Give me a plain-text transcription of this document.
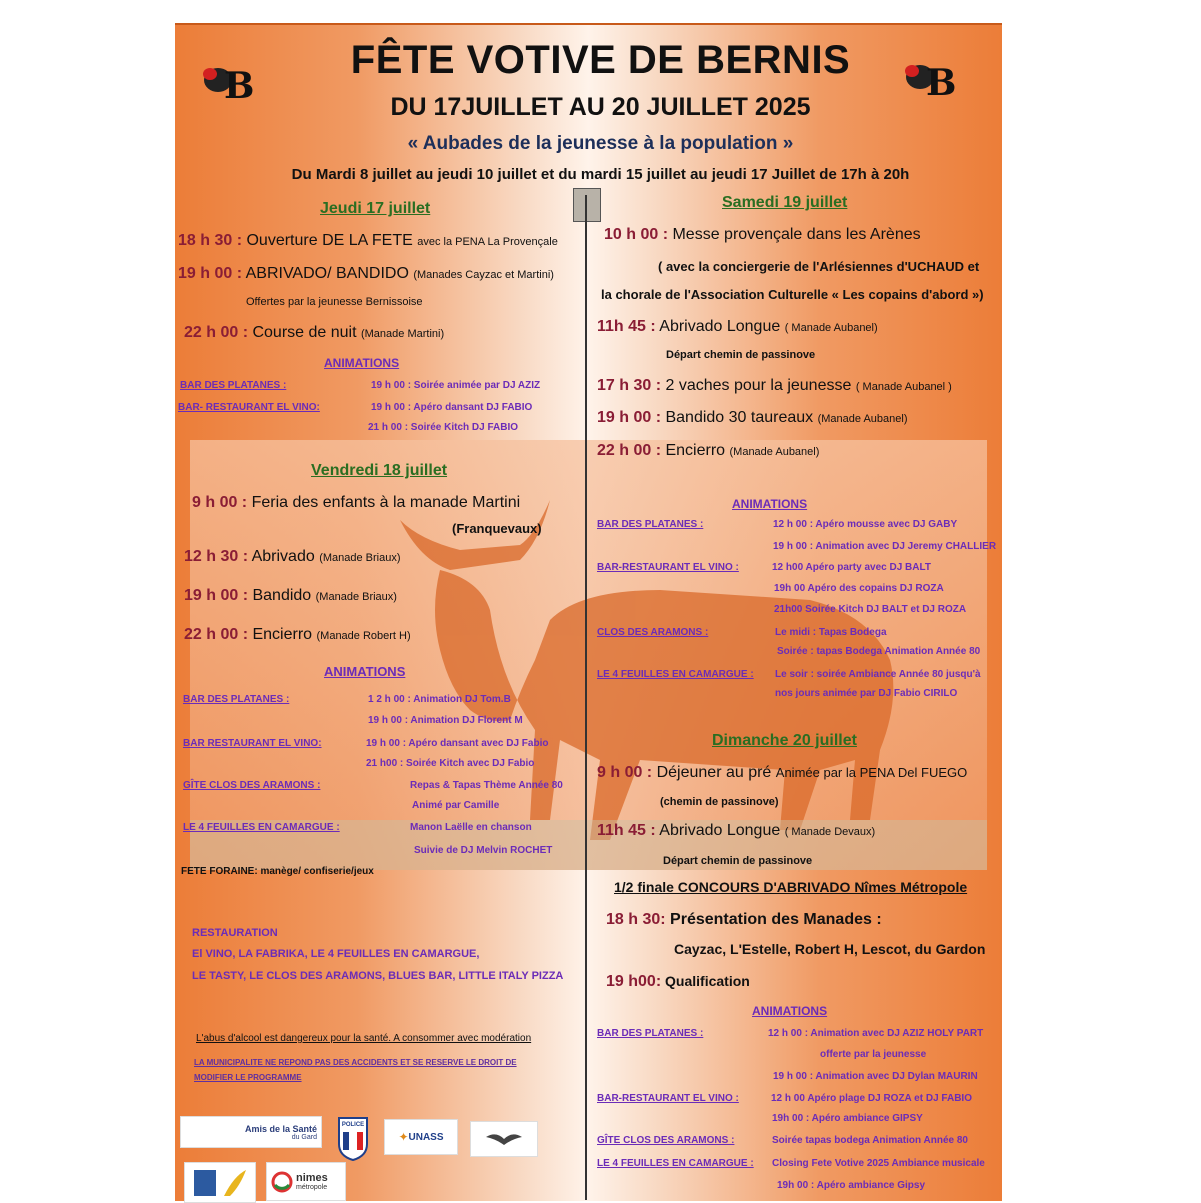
B	B
FÊTE VOTIVE DE BERNIS
DU 17JUILLET AU 20 JUILLET 2025
« Aubades de la jeunesse à la population »
Du Mardi 8 juillet au jeudi 10 juillet et du mardi 15 juillet au jeudi 17 Juillet de 17h à 20h
Jeudi 17 juillet
18 h 30 : Ouverture DE LA FETE avec la PENA La Provençale
19 h 00 : ABRIVADO/ BANDIDO (Manades Cayzac et Martini)
Offertes par la jeunesse Bernissoise
22 h 00 : Course de nuit (Manade Martini)
ANIMATIONS
BAR DES PLATANES :
BAR- RESTAURANT EL VINO:
19 h 00 : Soirée animée par DJ AZIZ
19 h 00 : Apéro dansant DJ FABIO
21 h 00 : Soirée Kitch DJ FABIO
Vendredi 18 juillet
9 h 00 : Feria des enfants à la manade Martini
(Franquevaux)
12 h 30 : Abrivado (Manade Briaux)
19 h 00 : Bandido (Manade Briaux)
22 h 00 : Encierro (Manade Robert H)
ANIMATIONS
BAR DES PLATANES :
BAR RESTAURANT EL VINO:
GÎTE CLOS DES ARAMONS :
LE 4 FEUILLES EN CAMARGUE :
1 2 h 00 : Animation DJ Tom.B
19 h 00 : Animation DJ Florent M
19 h 00 : Apéro dansant avec DJ Fabio
21 h00 : Soirée Kitch avec DJ Fabio
Repas & Tapas Thème Année 80
Animé par Camille
Manon Laëlle en chanson
Suivie de DJ Melvin ROCHET
FETE FORAINE: manège/ confiserie/jeux
RESTAURATION
El VINO, LA FABRIKA, LE 4 FEUILLES EN CAMARGUE,
LE TASTY, LE CLOS DES ARAMONS, BLUES BAR, LITTLE ITALY PIZZA
L'abus d'alcool est dangereux pour la santé. A consommer avec modération
LA MUNICIPALITE NE REPOND PAS DES ACCIDENTS ET SE RESERVE LE DROIT DE
MODIFIER LE PROGRAMME
Amis de la Santé
du Gard
POLICE
✦ UNASS
nimes
métropole
Samedi 19 juillet
10 h 00 : Messe provençale dans les Arènes
( avec la conciergerie de l'Arlésiennes d'UCHAUD et
la chorale de l'Association Culturelle « Les copains d'abord »)
11h 45 : Abrivado Longue ( Manade Aubanel)
Départ chemin de passinove
17 h 30 : 2 vaches pour la jeunesse ( Manade Aubanel )
19 h 00 : Bandido 30 taureaux (Manade Aubanel)
22 h 00 : Encierro (Manade Aubanel)
ANIMATIONS
BAR DES PLATANES :
BAR-RESTAURANT EL VINO :
CLOS DES ARAMONS :
LE 4 FEUILLES EN CAMARGUE :
12 h 00 : Apéro mousse avec DJ GABY
19 h 00 : Animation avec DJ Jeremy CHALLIER
12 h00 Apéro party avec DJ BALT
19h 00 Apéro des copains DJ ROZA
21h00 Soirée Kitch DJ BALT et DJ ROZA
Le midi : Tapas Bodega
Soirée : tapas Bodega Animation Année 80
Le soir : soirée Ambiance Année 80 jusqu'à
nos jours animée par DJ Fabio CIRILO
Dimanche 20 juillet
9 h 00 : Déjeuner au pré Animée par la PENA Del FUEGO
(chemin de passinove)
11h 45 : Abrivado Longue ( Manade Devaux)
Départ chemin de passinove
1/2 finale CONCOURS D'ABRIVADO Nîmes Métropole
18 h 30: Présentation des Manades :
Cayzac, L'Estelle, Robert H, Lescot, du Gardon
19 h00: Qualification
ANIMATIONS
BAR DES PLATANES :
BAR-RESTAURANT EL VINO :
GÎTE CLOS DES ARAMONS :
LE 4 FEUILLES EN CAMARGUE :
12 h 00 : Animation avec DJ AZIZ HOLY PART
offerte par la jeunesse
19 h 00 : Animation avec DJ Dylan MAURIN
12 h 00 Apéro plage DJ ROZA et DJ FABIO
19h 00 : Apéro ambiance GIPSY
Soirée tapas bodega Animation Année 80
Closing Fete Votive 2025 Ambiance musicale
19h 00 : Apéro ambiance Gipsy
